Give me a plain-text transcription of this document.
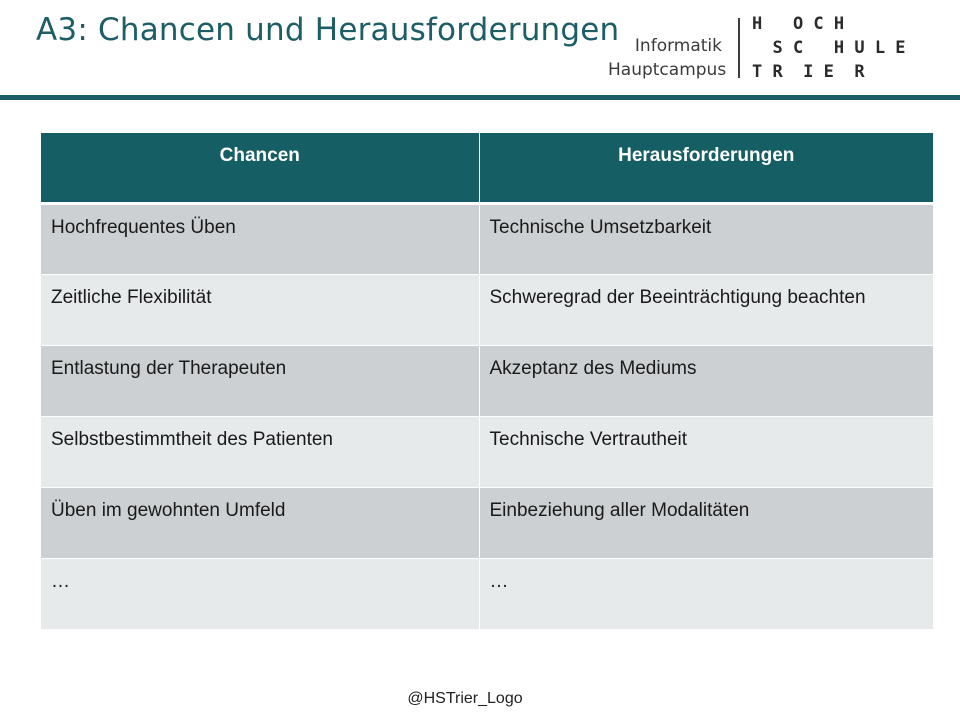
A3: Chancen und Herausforderungen Informatik
Hauptcampus
H   O C H
S C   H U L E
T R  I E  R
Chancen	Herausforderungen
Hochfrequentes Üben	Technische Umsetzbarkeit
Zeitliche Flexibilität	Schweregrad der Beeinträchtigung beachten
Entlastung der Therapeuten	Akzeptanz des Mediums
Selbstbestimmtheit des Patienten	Technische Vertrautheit
Üben im gewohnten Umfeld	Einbeziehung aller Modalitäten
…	…
@HSTrier_Logo
